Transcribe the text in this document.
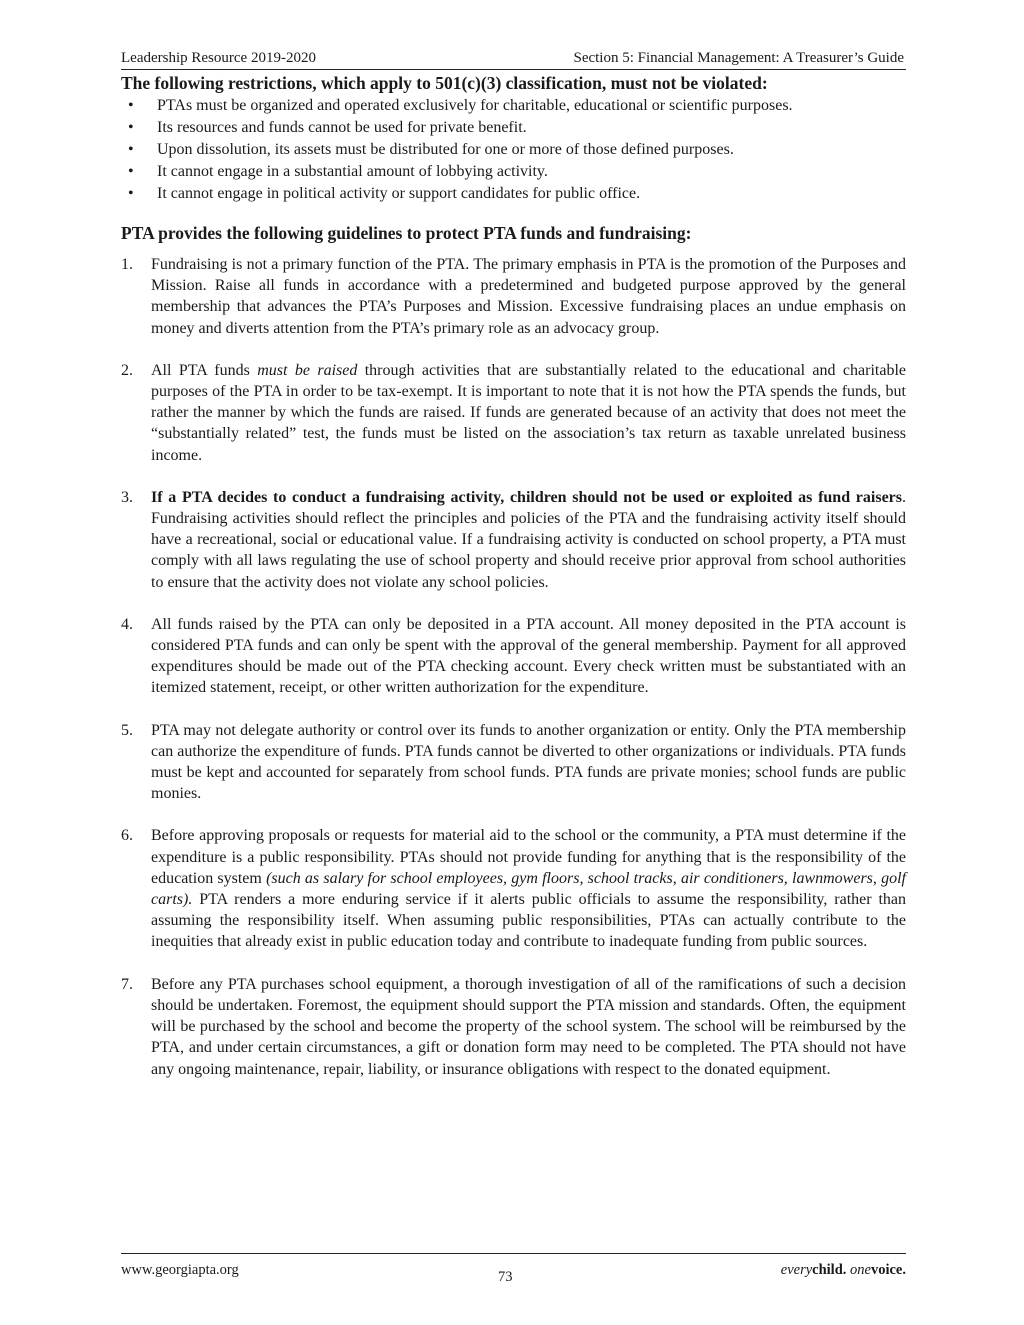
Leadership Resource 2019-2020	Section 5: Financial Management: A Treasurer’s Guide
The following restrictions, which apply to 501(c)(3) classification, must not be violated:
• PTAs must be organized and operated exclusively for charitable, educational or scientific purposes.
• Its resources and funds cannot be used for private benefit.
• Upon dissolution, its assets must be distributed for one or more of those defined purposes.
• It cannot engage in a substantial amount of lobbying activity.
• It cannot engage in political activity or support candidates for public office.
PTA provides the following guidelines to protect PTA funds and fundraising:
1. Fundraising is not a primary function of the PTA. The primary emphasis in PTA is the promotion of the Purposes and Mission. Raise all funds in accordance with a predetermined and budgeted purpose approved by the general membership that advances the PTA’s Purposes and Mission. Excessive fundraising places an undue emphasis on money and diverts attention from the PTA’s primary role as an advocacy group.

2. All PTA funds must be raised through activities that are substantially related to the educational and charitable purposes of the PTA in order to be tax-exempt. It is important to note that it is not how the PTA spends the funds, but rather the manner by which the funds are raised. If funds are generated because of an activity that does not meet the “substantially related” test, the funds must be listed on the association’s tax return as taxable unrelated business income.

3. If a PTA decides to conduct a fundraising activity, children should not be used or exploited as fund raisers. Fundraising activities should reflect the principles and policies of the PTA and the fundraising activity itself should have a recreational, social or educational value. If a fundraising activity is conducted on school property, a PTA must comply with all laws regulating the use of school property and should receive prior approval from school authorities to ensure that the activity does not violate any school policies.

4. All funds raised by the PTA can only be deposited in a PTA account. All money deposited in the PTA account is considered PTA funds and can only be spent with the approval of the general membership. Payment for all approved expenditures should be made out of the PTA checking account. Every check written must be substantiated with an itemized statement, receipt, or other written authorization for the expenditure.

5. PTA may not delegate authority or control over its funds to another organization or entity. Only the PTA membership can authorize the expenditure of funds. PTA funds cannot be diverted to other organizations or individuals. PTA funds must be kept and accounted for separately from school funds. PTA funds are private monies; school funds are public monies.

6. Before approving proposals or requests for material aid to the school or the community, a PTA must determine if the expenditure is a public responsibility. PTAs should not provide funding for anything that is the responsibility of the education system (such as salary for school employees, gym floors, school tracks, air conditioners, lawnmowers, golf carts). PTA renders a more enduring service if it alerts public officials to assume the responsibility, rather than assuming the responsibility itself. When assuming public responsibilities, PTAs can actually contribute to the inequities that already exist in public education today and contribute to inadequate funding from public sources.

7. Before any PTA purchases school equipment, a thorough investigation of all of the ramifications of such a decision should be undertaken. Foremost, the equipment should support the PTA mission and standards. Often, the equipment will be purchased by the school and become the property of the school system. The school will be reimbursed by the PTA, and under certain circumstances, a gift or donation form may need to be completed. The PTA should not have any ongoing maintenance, repair, liability, or insurance obligations with respect to the donated equipment.

www.georgiapta.org	73	everychild. onevoice.
